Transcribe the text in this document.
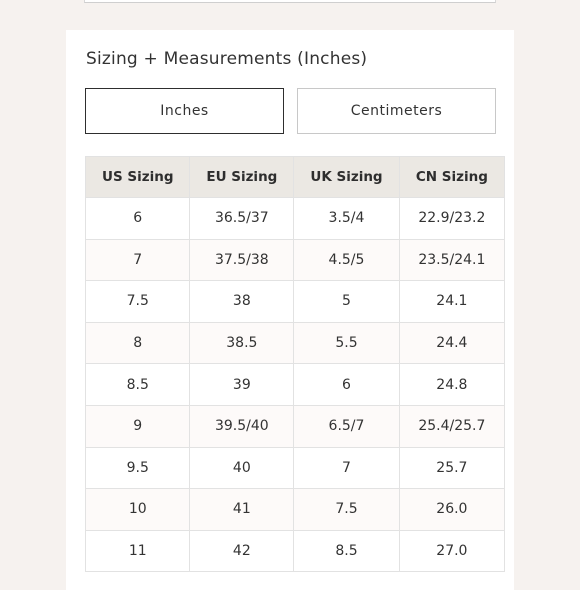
Sizing + Measurements (Inches)
Inches	Centimeters
US Sizing	EU Sizing	UK Sizing	CN Sizing
6	36.5/37	3.5/4	22.9/23.2
7	37.5/38	4.5/5	23.5/24.1
7.5	38	5	24.1
8	38.5	5.5	24.4
8.5	39	6	24.8
9	39.5/40	6.5/7	25.4/25.7
9.5	40	7	25.7
10	41	7.5	26.0
11	42	8.5	27.0
